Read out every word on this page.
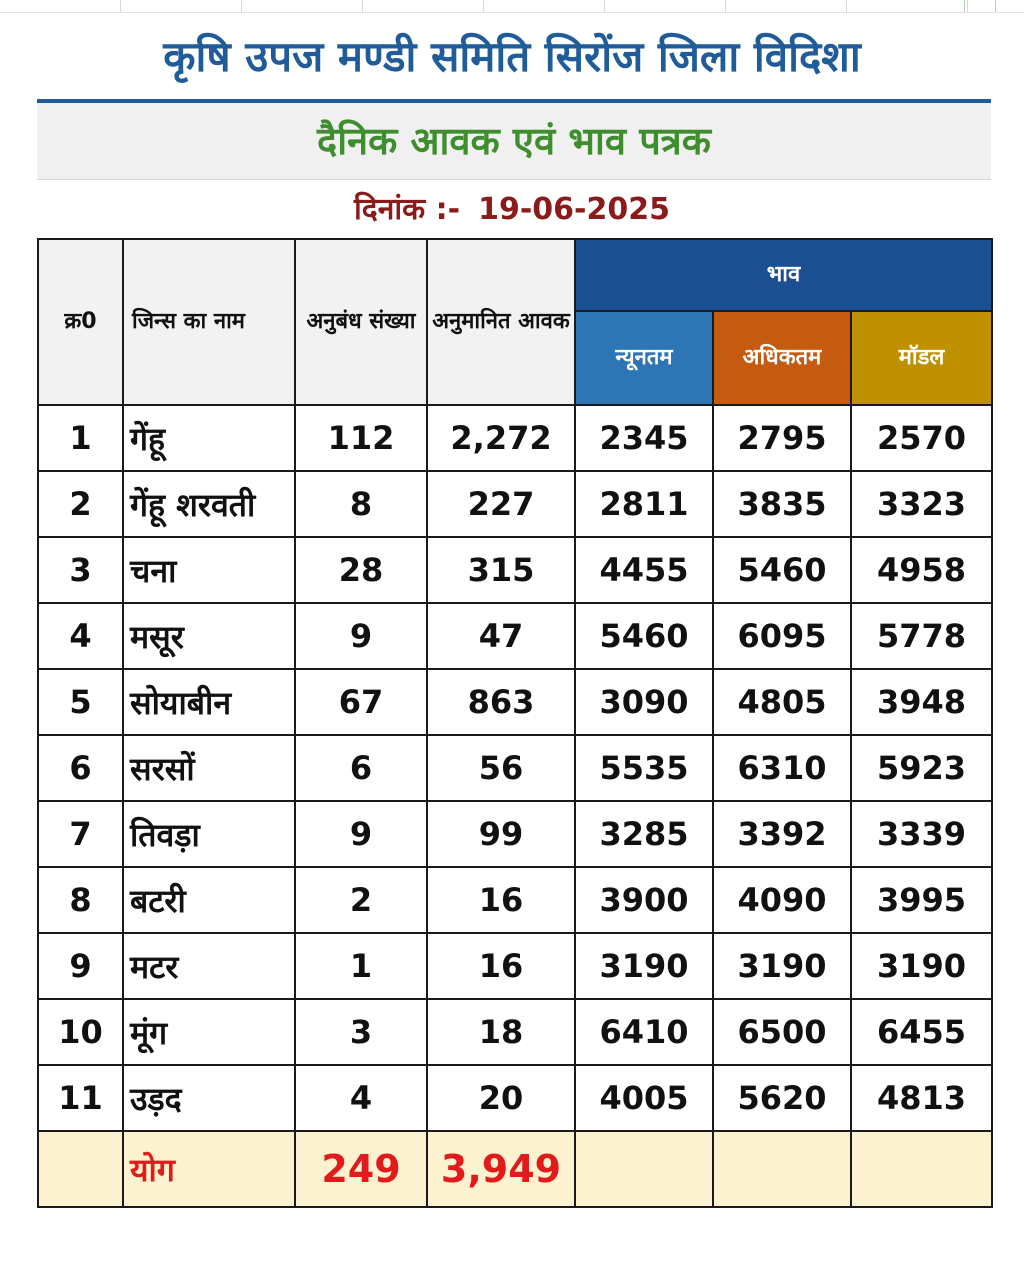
कृषि उपज मण्डी समिति सिरोंज जिला विदिशा
दैनिक आवक एवं भाव पत्रक
दिनांक :- 19-06-2025
क्र0	जिन्स का नाम	अनुबंध संख्या	अनुमानित आवक	भाव		
				न्यूनतम	अधिकतम	मॉडल
1	गेंहू	112	2,272	2345	2795	2570
2	गेंहू शरवती	8	227	2811	3835	3323
3	चना	28	315	4455	5460	4958
4	मसूर	9	47	5460	6095	5778
5	सोयाबीन	67	863	3090	4805	3948
6	सरसों	6	56	5535	6310	5923
7	तिवड़ा	9	99	3285	3392	3339
8	बटरी	2	16	3900	4090	3995
9	मटर	1	16	3190	3190	3190
10	मूंग	3	18	6410	6500	6455
11	उड़द	4	20	4005	5620	4813
	योग	249	3,949			
